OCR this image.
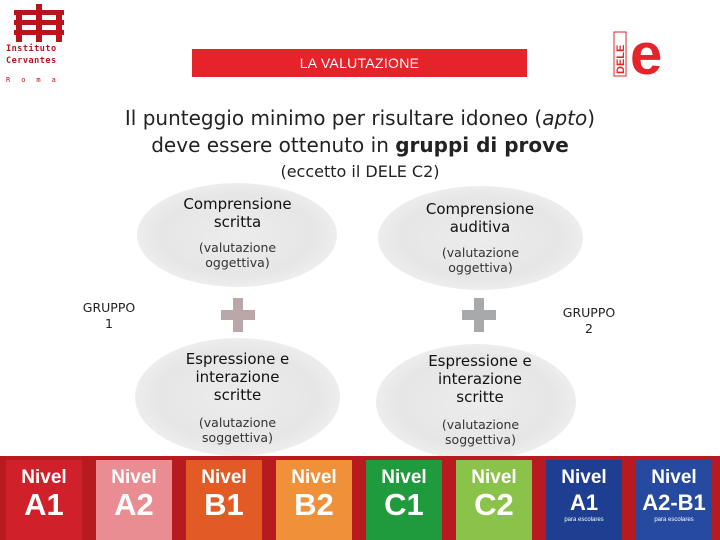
Instituto
Cervantes
Roma
LA VALUTAZIONE	DELE e
Il punteggio minimo per risultare idoneo (apto)
deve essere ottenuto in gruppi di prove
(eccetto il DELE C2)
Comprensione
scritta
(valutazione
oggettiva)
Comprensione
auditiva
(valutazione
oggettiva)
Espressione e
interazione
scritte
(valutazione
soggettiva)
Espressione e
interazione
scritte
(valutazione
soggettiva)
GRUPPO
1
GRUPPO
2
Nivel
A1
Nivel
A2
Nivel
B1
Nivel
B2
Nivel
C1
Nivel
C2
Nivel
A1
para escolares
Nivel
A2-B1
para escolares
